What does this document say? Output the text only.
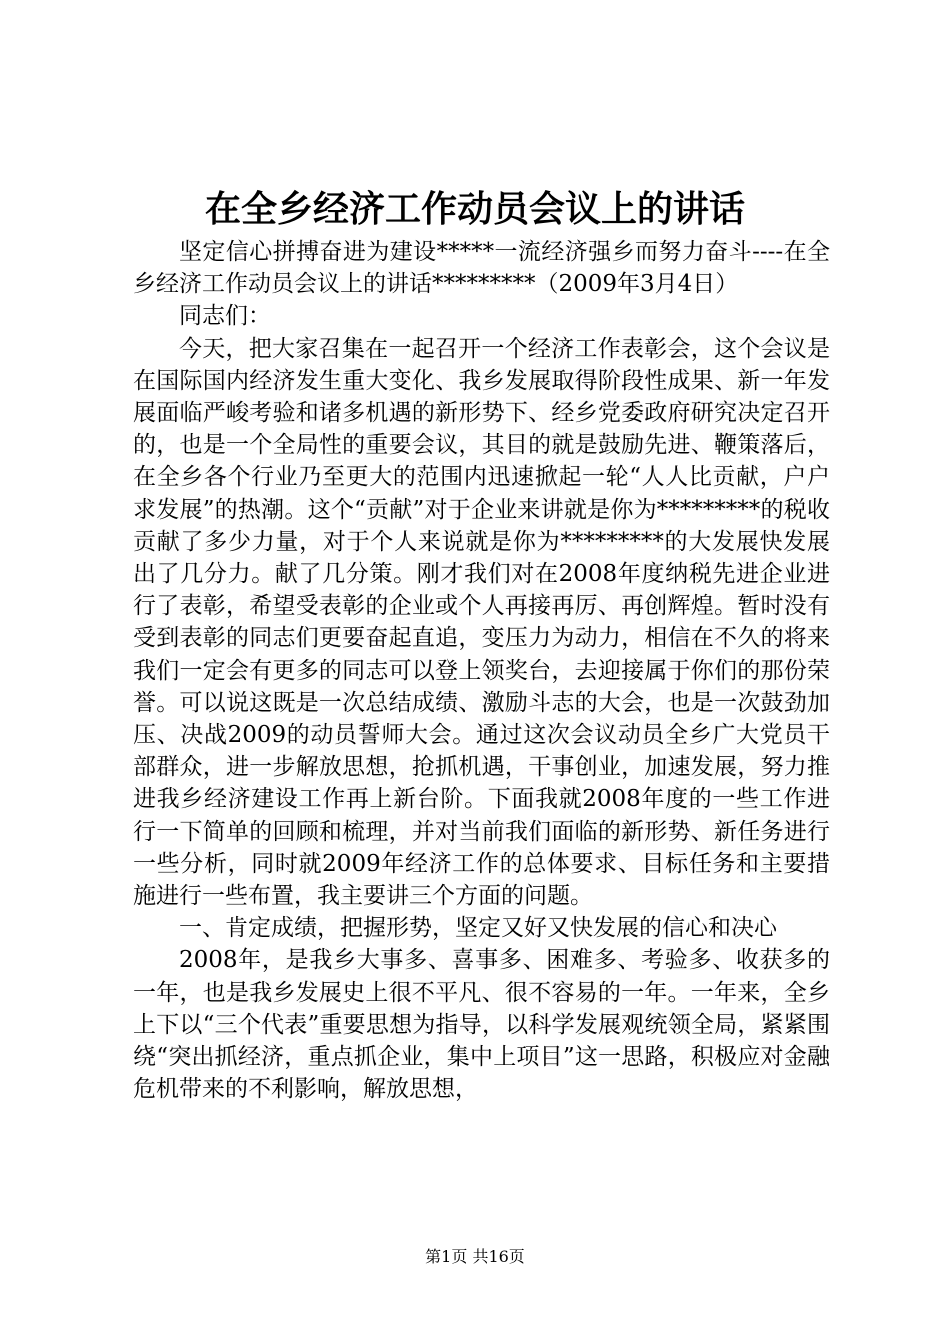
在全乡经济工作动员会议上的讲话

坚定信心拼搏奋进为建设*****一流经济强乡而努力奋斗----在全乡经济工作动员会议上的讲话*********（2009年3月4日）

同志们：

今天，把大家召集在一起召开一个经济工作表彰会，这个会议是在国际国内经济发生重大变化、我乡发展取得阶段性成果、新一年发展面临严峻考验和诸多机遇的新形势下、经乡党委政府研究决定召开的，也是一个全局性的重要会议，其目的就是鼓励先进、鞭策落后，在全乡各个行业乃至更大的范围内迅速掀起一轮“人人比贡献，户户求发展”的热潮。这个“贡献”对于企业来讲就是你为*********的税收贡献了多少力量，对于个人来说就是你为*********的大发展快发展出了几分力。献了几分策。刚才我们对在2008年度纳税先进企业进行了表彰，希望受表彰的企业或个人再接再厉、再创辉煌。暂时没有受到表彰的同志们更要奋起直追，变压力为动力，相信在不久的将来我们一定会有更多的同志可以登上领奖台，去迎接属于你们的那份荣誉。可以说这既是一次总结成绩、激励斗志的大会，也是一次鼓劲加压、决战2009的动员誓师大会。通过这次会议动员全乡广大党员干部群众，进一步解放思想，抢抓机遇，干事创业，加速发展，努力推进我乡经济建设工作再上新台阶。下面我就2008年度的一些工作进行一下简单的回顾和梳理，并对当前我们面临的新形势、新任务进行一些分析，同时就2009年经济工作的总体要求、目标任务和主要措施进行一些布置，我主要讲三个方面的问题。

一、肯定成绩，把握形势，坚定又好又快发展的信心和决心

2008年，是我乡大事多、喜事多、困难多、考验多、收获多的一年，也是我乡发展史上很不平凡、很不容易的一年。一年来，全乡上下以“三个代表”重要思想为指导，以科学发展观统领全局，紧紧围绕“突出抓经济，重点抓企业，集中上项目”这一思路，积极应对金融危机带来的不利影响，解放思想，

第1页 共16页
